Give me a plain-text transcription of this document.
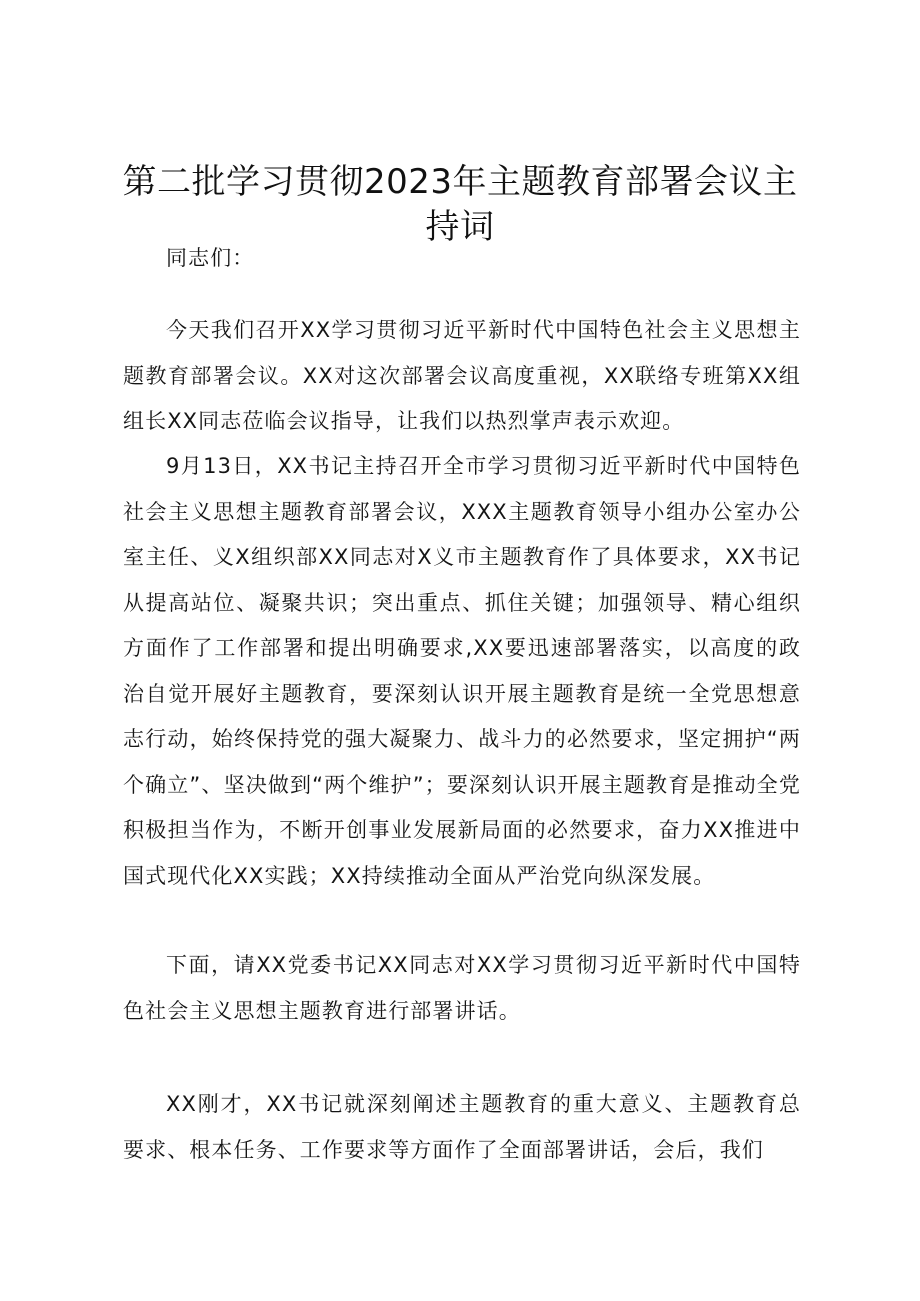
第二批学习贯彻2023年主题教育部署会议主持词

同志们：

今天我们召开XX学习贯彻习近平新时代中国特色社会主义思想主题教育部署会议。XX对这次部署会议高度重视，XX联络专班第XX组组长XX同志莅临会议指导，让我们以热烈掌声表示欢迎。

9月13日，XX书记主持召开全市学习贯彻习近平新时代中国特色社会主义思想主题教育部署会议，XXX主题教育领导小组办公室办公室主任、义X组织部XX同志对X义市主题教育作了具体要求，XX书记从提高站位、凝聚共识；突出重点、抓住关键；加强领导、精心组织方面作了工作部署和提出明确要求,XX要迅速部署落实，以高度的政治自觉开展好主题教育，要深刻认识开展主题教育是统一全党思想意志行动，始终保持党的强大凝聚力、战斗力的必然要求，坚定拥护“两个确立”、坚决做到“两个维护”；要深刻认识开展主题教育是推动全党积极担当作为，不断开创事业发展新局面的必然要求，奋力XX推进中国式现代化XX实践；XX持续推动全面从严治党向纵深发展。

下面，请XX党委书记XX同志对XX学习贯彻习近平新时代中国特色社会主义思想主题教育进行部署讲话。

XX刚才，XX书记就深刻阐述主题教育的重大意义、主题教育总要求、根本任务、工作要求等方面作了全面部署讲话，会后，我们
